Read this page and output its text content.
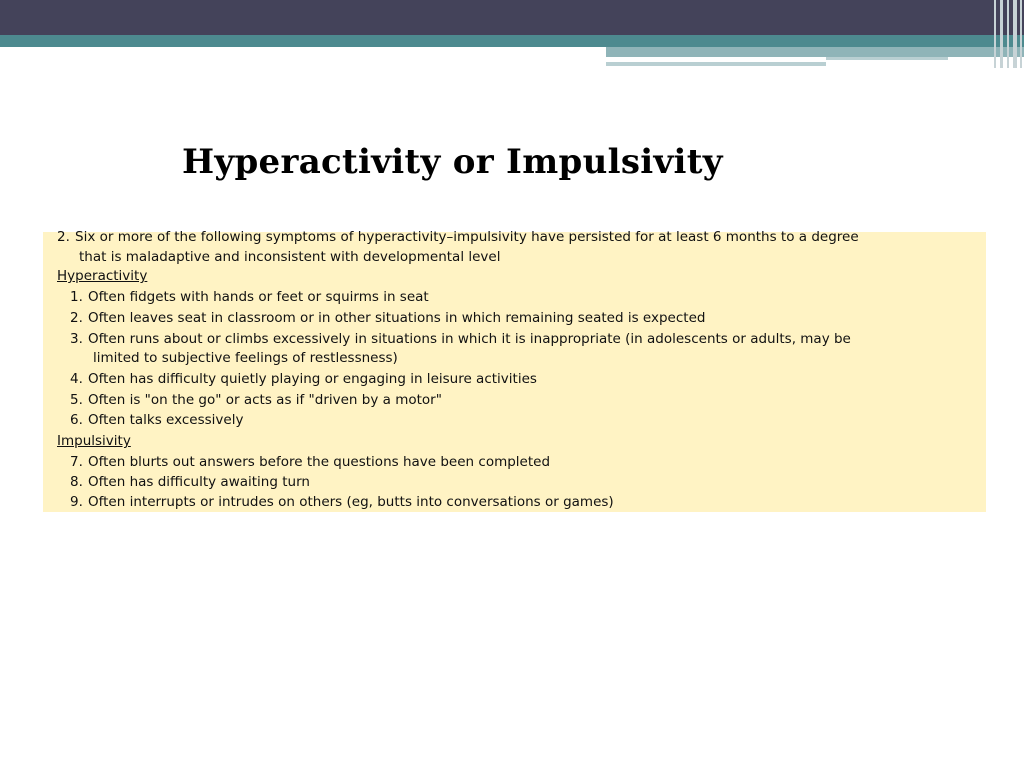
Hyperactivity or Impulsivity
2. Six or more of the following symptoms of hyperactivity–impulsivity have persisted for at least 6 months to a degree
that is maladaptive and inconsistent with developmental level
Hyperactivity
1. Often fidgets with hands or feet or squirms in seat
2. Often leaves seat in classroom or in other situations in which remaining seated is expected
3. Often runs about or climbs excessively in situations in which it is inappropriate (in adolescents or adults, may be
limited to subjective feelings of restlessness)
4. Often has difficulty quietly playing or engaging in leisure activities
5. Often is "on the go" or acts as if "driven by a motor"
6. Often talks excessively
Impulsivity
7. Often blurts out answers before the questions have been completed
8. Often has difficulty awaiting turn
9. Often interrupts or intrudes on others (eg, butts into conversations or games)
